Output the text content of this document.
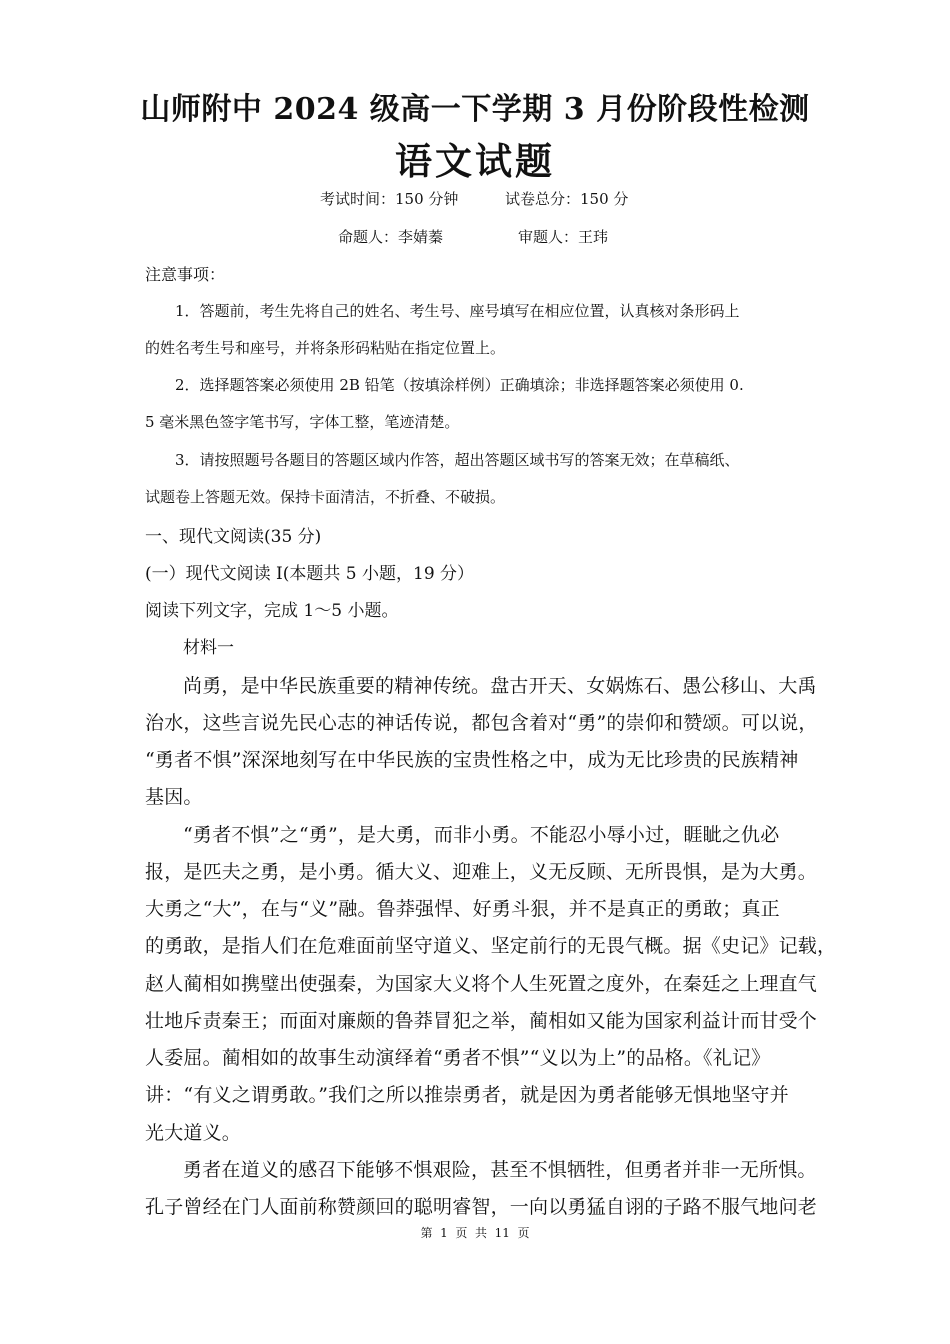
山师附中 2024 级高一下学期 3 月份阶段性检测
语文试题
考试时间：150 分钟	试卷总分：150 分
命题人：李婧蓁	审题人：王玮
注意事项：
1．答题前，考生先将自己的姓名、考生号、座号填写在相应位置，认真核对条形码上
的姓名考生号和座号，并将条形码粘贴在指定位置上。
2．选择题答案必须使用 2B 铅笔（按填涂样例）正确填涂；非选择题答案必须使用 0.
5 毫米黑色签字笔书写，字体工整，笔迹清楚。
3．请按照题号各题目的答题区域内作答，超出答题区域书写的答案无效；在草稿纸、
试题卷上答题无效。保持卡面清洁，不折叠、不破损。
一、现代文阅读(35 分)
(一）现代文阅读 Ⅰ(本题共 5 小题，19 分）
阅读下列文字，完成 1～5 小题。
材料一
尚勇，是中华民族重要的精神传统。盘古开天、女娲炼石、愚公移山、大禹
治水，这些言说先民心志的神话传说，都包含着对“勇”的崇仰和赞颂。可以说，
“勇者不惧”深深地刻写在中华民族的宝贵性格之中，成为无比珍贵的民族精神
基因。
“勇者不惧”之“勇”，是大勇，而非小勇。不能忍小辱小过，睚眦之仇必
报，是匹夫之勇，是小勇。循大义、迎难上，义无反顾、无所畏惧，是为大勇。
大勇之“大”，在与“义”融。鲁莽强悍、好勇斗狠，并不是真正的勇敢；真正
的勇敢，是指人们在危难面前坚守道义、坚定前行的无畏气概。据《史记》记载，
赵人蔺相如携璧出使强秦，为国家大义将个人生死置之度外，在秦廷之上理直气
壮地斥责秦王；而面对廉颇的鲁莽冒犯之举，蔺相如又能为国家利益计而甘受个
人委屈。蔺相如的故事生动演绎着“勇者不惧”“义以为上”的品格。《礼记》
讲：“有义之谓勇敢。”我们之所以推崇勇者，就是因为勇者能够无惧地坚守并
光大道义。
勇者在道义的感召下能够不惧艰险，甚至不惧牺牲，但勇者并非一无所惧。
孔子曾经在门人面前称赞颜回的聪明睿智，一向以勇猛自诩的子路不服气地问老
第  1  页  共  11  页
